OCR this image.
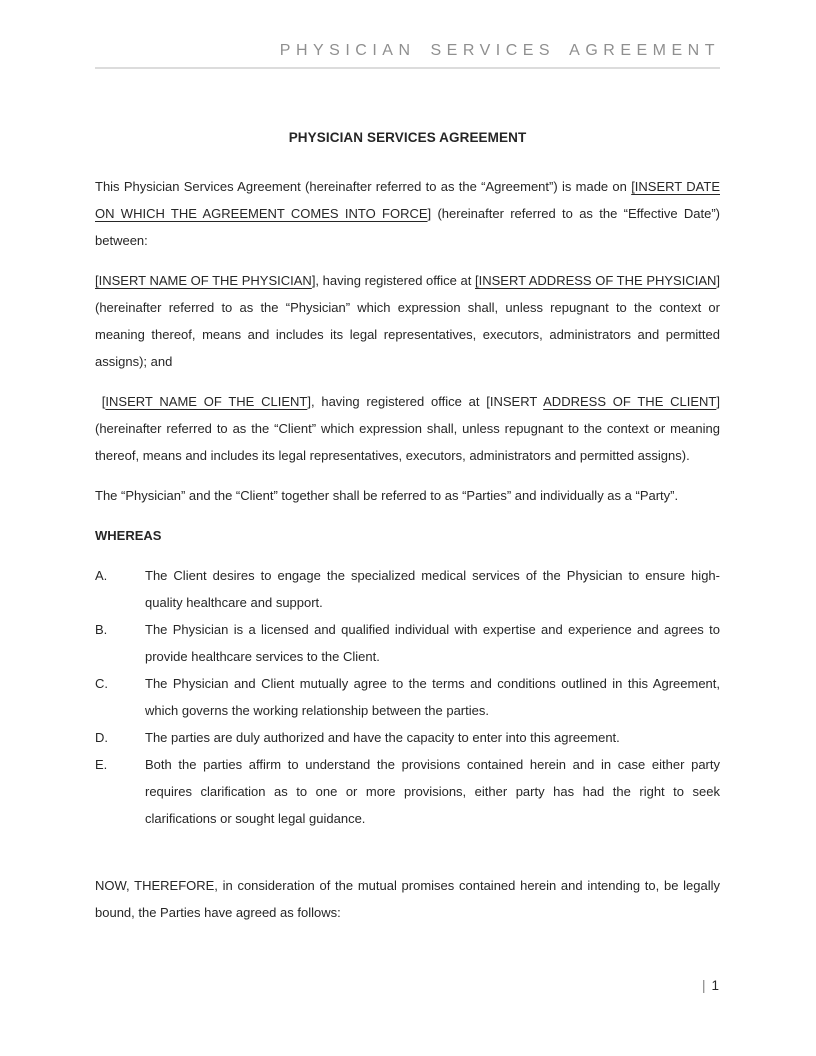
PHYSICIAN SERVICES AGREEMENT
PHYSICIAN SERVICES AGREEMENT
This Physician Services Agreement (hereinafter referred to as the “Agreement”) is made on [INSERT DATE ON WHICH THE AGREEMENT COMES INTO FORCE] (hereinafter referred to as the “Effective Date”) between:
[INSERT NAME OF THE PHYSICIAN], having registered office at [INSERT ADDRESS OF THE PHYSICIAN] (hereinafter referred to as the “Physician” which expression shall, unless repugnant to the context or meaning thereof, means and includes its legal representatives, executors, administrators and permitted assigns); and
[INSERT NAME OF THE CLIENT], having registered office at [INSERT ADDRESS OF THE CLIENT] (hereinafter referred to as the “Client” which expression shall, unless repugnant to the context or meaning thereof, means and includes its legal representatives, executors, administrators and permitted assigns).
The “Physician” and the “Client” together shall be referred to as “Parties” and individually as a “Party”.
WHEREAS
A.	The Client desires to engage the specialized medical services of the Physician to ensure high-quality healthcare and support.
B.	The Physician is a licensed and qualified individual with expertise and experience and agrees to provide healthcare services to the Client.
C.	The Physician and Client mutually agree to the terms and conditions outlined in this Agreement, which governs the working relationship between the parties.
D.	The parties are duly authorized and have the capacity to enter into this agreement.
E.	Both the parties affirm to understand the provisions contained herein and in case either party requires clarification as to one or more provisions, either party has had the right to seek clarifications or sought legal guidance.
NOW, THEREFORE, in consideration of the mutual promises contained herein and intending to, be legally bound, the Parties have agreed as follows:
| 1
